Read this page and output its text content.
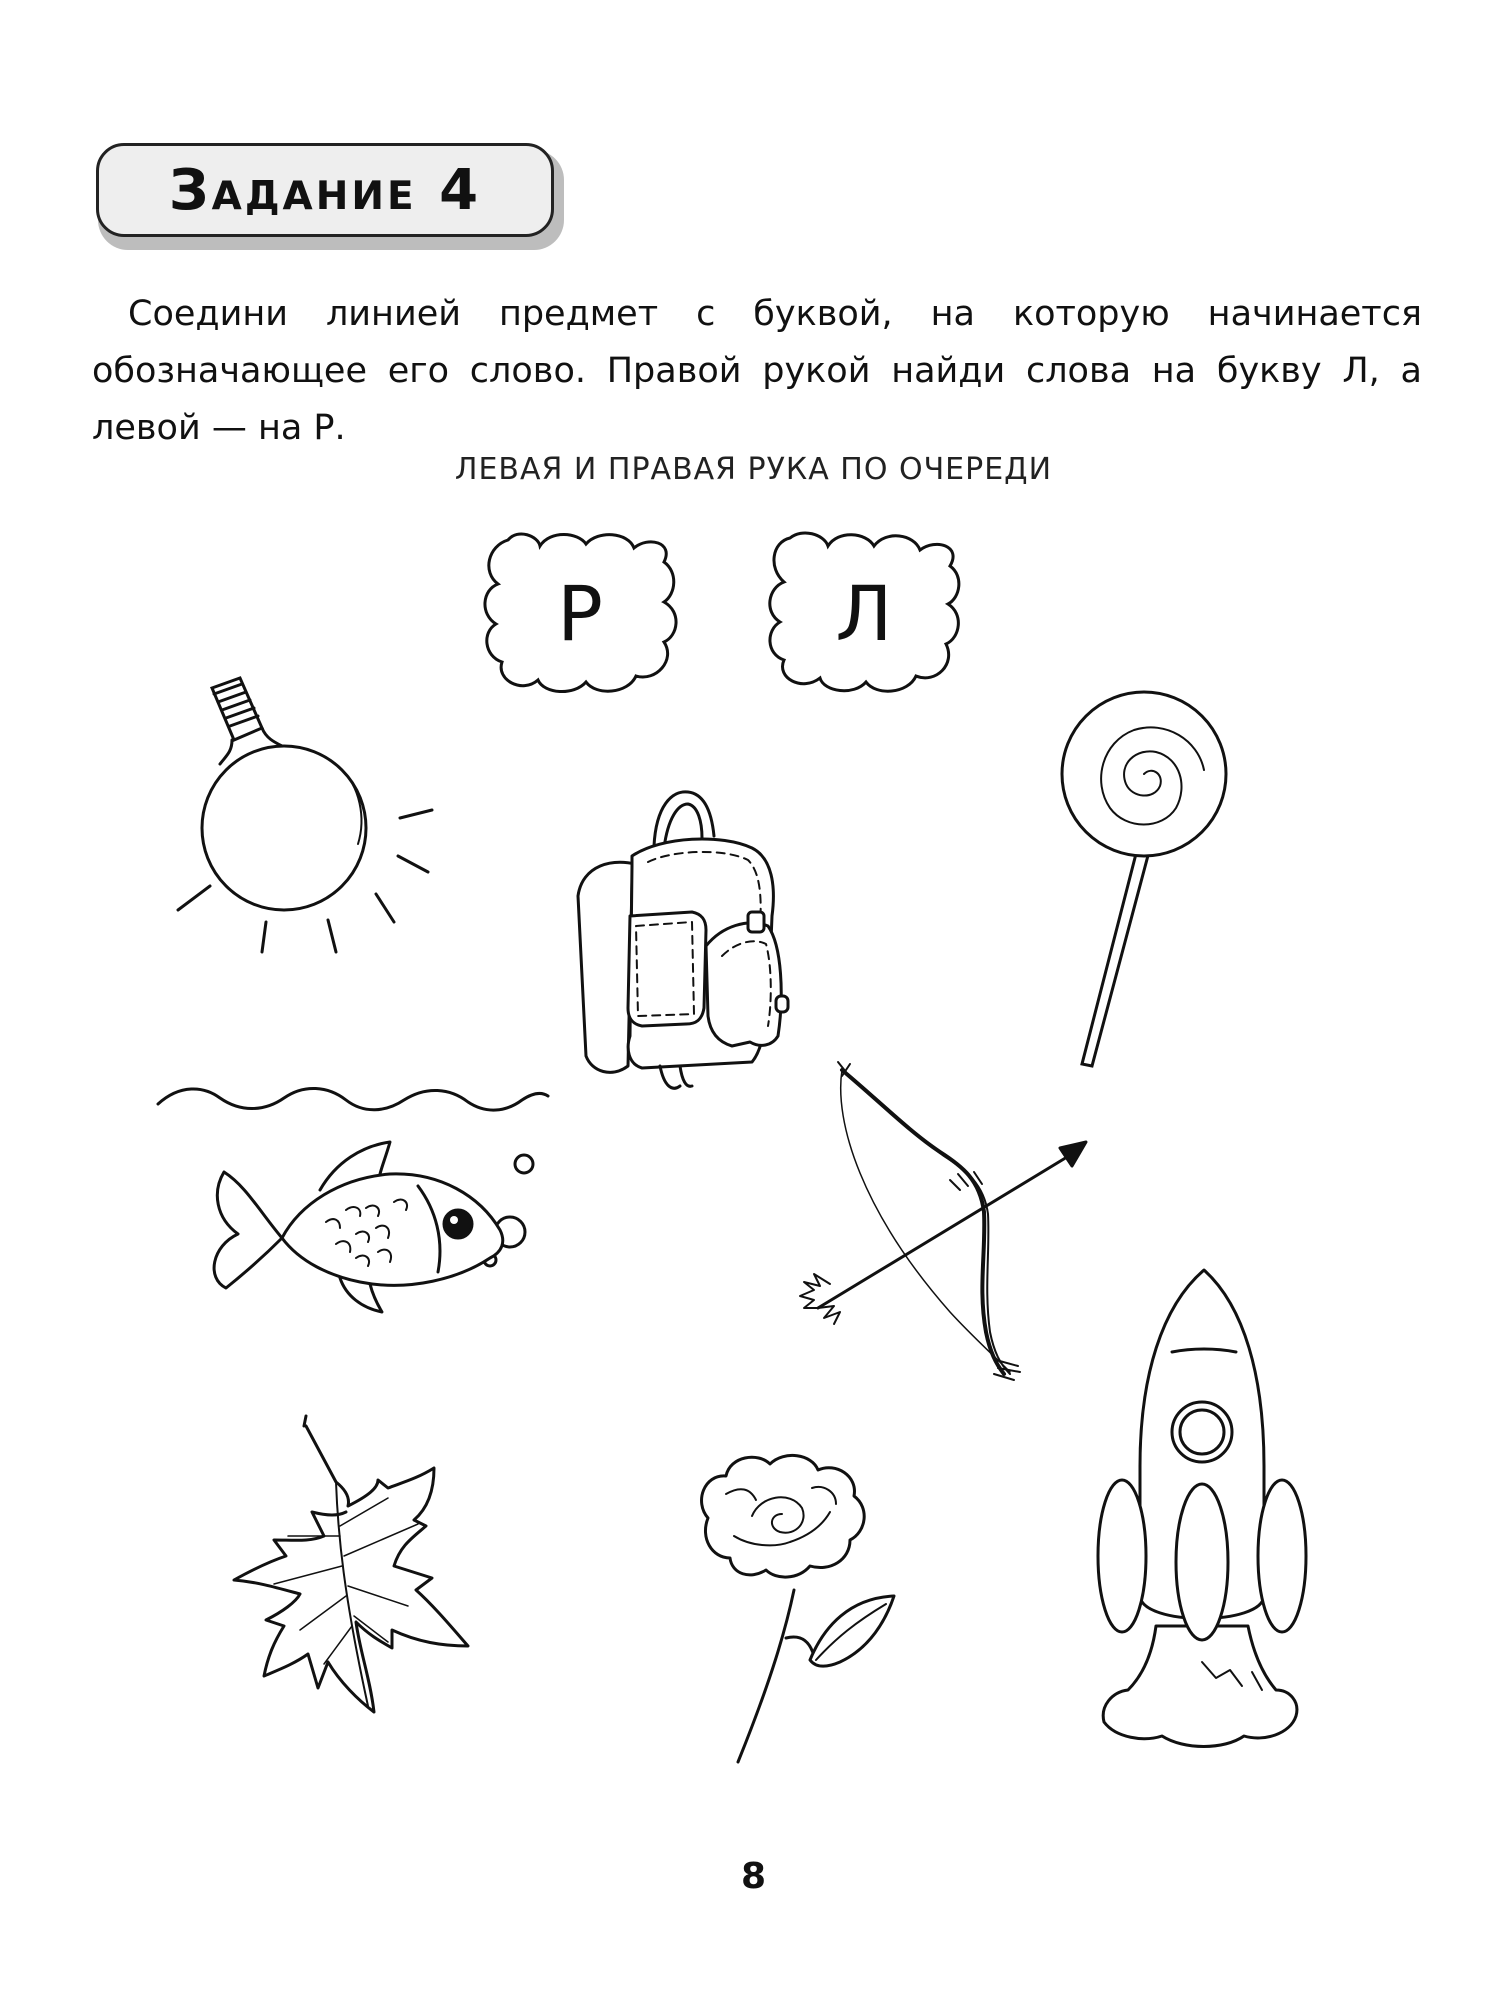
Задание 4

Соедини линией предмет с буквой, на которую начинается обозначающее его слово. Правой рукой найди слова на букву Л, а левой — на Р.

ЛЕВАЯ И ПРАВАЯ РУКА ПО ОЧЕРЕДИ
Р	Л
8
